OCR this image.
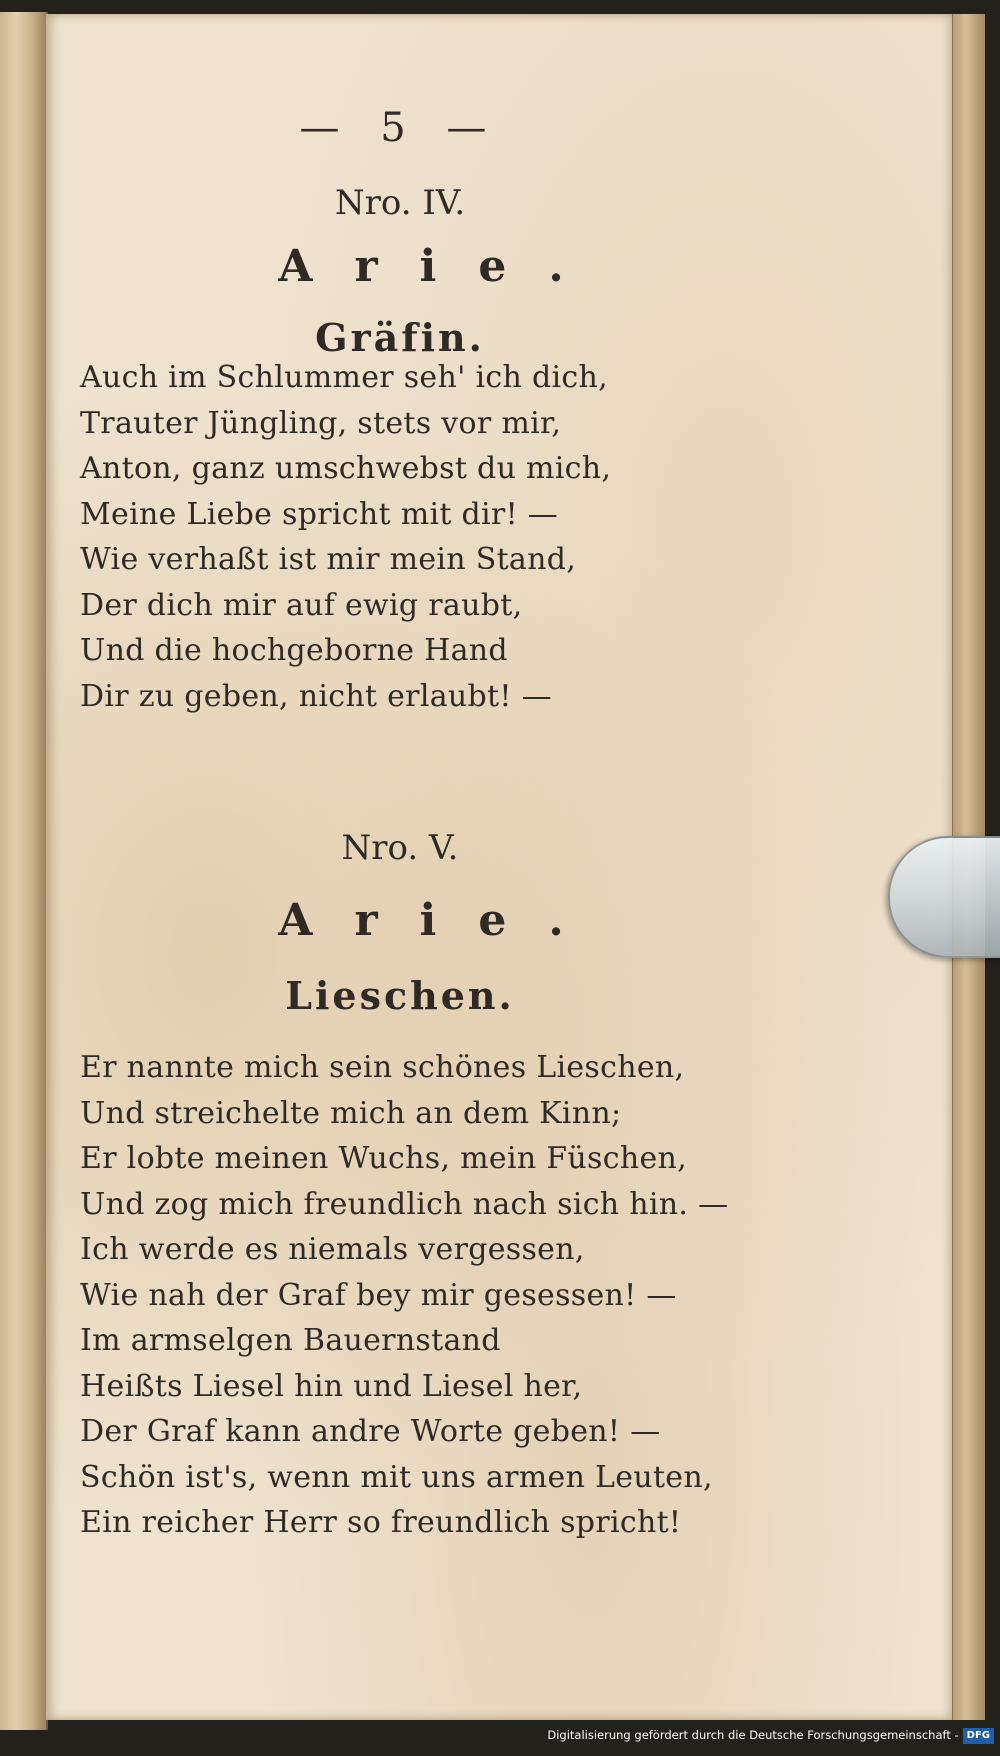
— 5 —
Nro. IV.
Arie.
Gräfin.
Auch im Schlummer seh' ich dich,
Trauter Jüngling, stets vor mir,
Anton, ganz umschwebst du mich,
Meine Liebe spricht mit dir! —
Wie verhaßt ist mir mein Stand,
Der dich mir auf ewig raubt,
Und die hochgeborne Hand
Dir zu geben, nicht erlaubt! —
Nro. V.
Arie.
Lieschen.
Er nannte mich sein schönes Lieschen,
Und streichelte mich an dem Kinn;
Er lobte meinen Wuchs, mein Füschen,
Und zog mich freundlich nach sich hin. —
Ich werde es niemals vergessen,
Wie nah der Graf bey mir gesessen! —
Im armselgen Bauernstand
Heißts Liesel hin und Liesel her,
Der Graf kann andre Worte geben! —
Schön ist's, wenn mit uns armen Leuten,
Ein reicher Herr so freundlich spricht!
Digitalisierung gefördert durch die Deutsche Forschungsgemeinschaft - DFG
